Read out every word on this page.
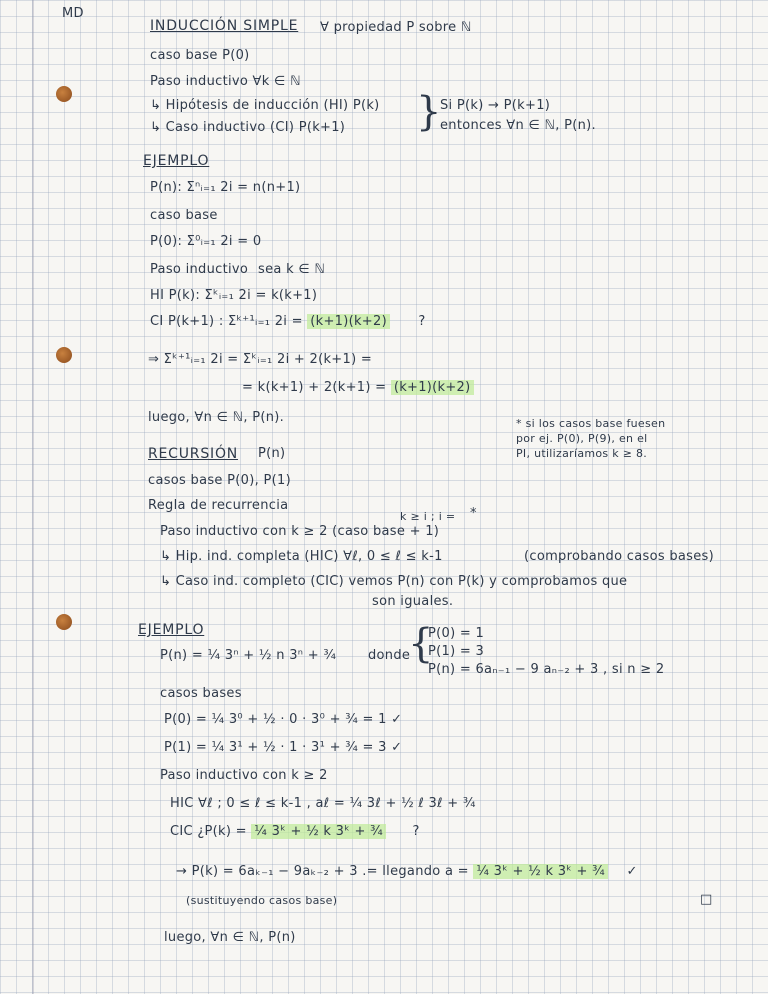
MD
INDUCCIÓN SIMPLE ∀ propiedad P sobre ℕ
caso base P(0)
Paso inductivo ∀k ∈ ℕ
↳ Hipótesis de inducción (HI) P(k)
↳ Caso inductivo (CI) P(k+1) }
Si P(k) → P(k+1)
entonces ∀n ∈ ℕ, P(n).
EJEMPLO
P(n): Σⁿᵢ₌₁ 2i = n(n+1)
caso base
P(0): Σ⁰ᵢ₌₁ 2i = 0
Paso inductivo sea k ∈ ℕ
HI P(k): Σᵏᵢ₌₁ 2i = k(k+1)
CI P(k+1) : Σᵏ⁺¹ᵢ₌₁ 2i = (k+1)(k+2) ?
⇒ Σᵏ⁺¹ᵢ₌₁ 2i = Σᵏᵢ₌₁ 2i + 2(k+1) =
= k(k+1) + 2(k+1) = (k+1)(k+2)
luego, ∀n ∈ ℕ, P(n).	* si los casos base fuesen
por ej. P(0), P(9), en el
PI, utilizaríamos k ≥ 8.
RECURSIÓN P(n)
casos base P(0), P(1)
Regla de recurrencia
k ≥ i ; i = *
Paso inductivo con k ≥ 2 (caso base + 1)
↳ Hip. ind. completa (HIC) ∀ℓ, 0 ≤ ℓ ≤ k-1	(comprobando casos bases)
↳ Caso ind. completo (CIC) vemos P(n) con P(k) y comprobamos que
son iguales.
EJEMPLO
P(n) = ¼ 3ⁿ + ½ n 3ⁿ + ¾ donde
}
P(0) = 1
P(1) = 3
P(n) = 6aₙ₋₁ − 9 aₙ₋₂ + 3 , si n ≥ 2
casos bases
P(0) = ¼ 3⁰ + ½ · 0 · 3⁰ + ¾ = 1 ✓
P(1) = ¼ 3¹ + ½ · 1 · 3¹ + ¾ = 3 ✓
Paso inductivo con k ≥ 2
HIC ∀ℓ ; 0 ≤ ℓ ≤ k-1 , aℓ = ¼ 3ℓ + ½ ℓ 3ℓ + ¾
CIC ¿P(k) = ¼ 3ᵏ + ½ k 3ᵏ + ¾ ?
→ P(k) = 6aₖ₋₁ − 9aₖ₋₂ + 3 .= llegando a = ¼ 3ᵏ + ½ k 3ᵏ + ¾ ✓
(sustituyendo casos base)	□
luego, ∀n ∈ ℕ, P(n)
